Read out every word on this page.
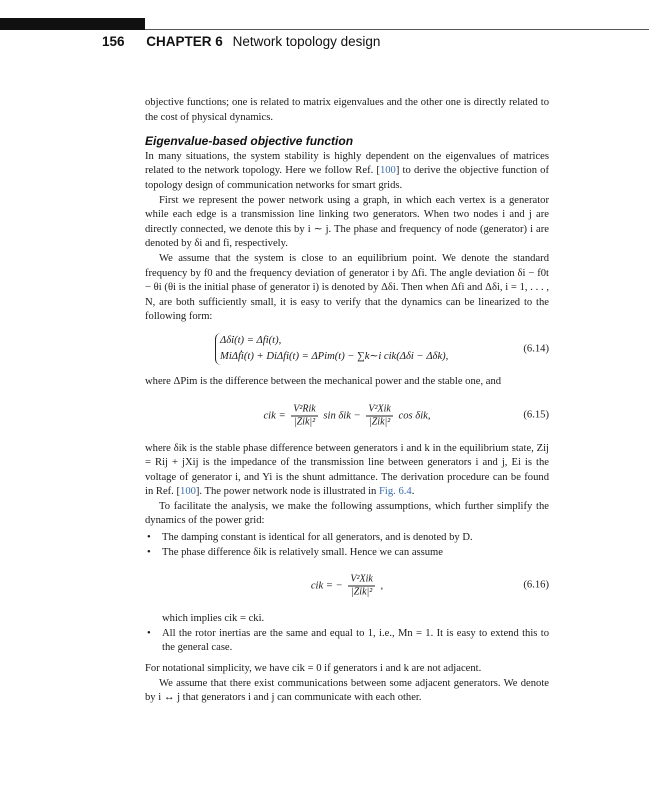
156 CHAPTER 6 Network topology design

objective functions; one is related to matrix eigenvalues and the other one is directly related to the cost of physical dynamics.

Eigenvalue-based objective function

In many situations, the system stability is highly dependent on the eigenvalues of matrices related to the network topology. Here we follow Ref. [100] to derive the objective function of topology design of communication networks for smart grids.

First we represent the power network using a graph, in which each vertex is a generator while each edge is a transmission line linking two generators. When two nodes i and j are directly connected, we denote this by i ∼ j. The phase and frequency of node (generator) i are denoted by δi and fi, respectively.

We assume that the system is close to an equilibrium point. We denote the standard frequency by f0 and the frequency deviation of generator i by Δfi. The angle deviation δi − f0t − θi (θi is the initial phase of generator i) is denoted by Δδi. Then when Δfi and Δδi, i = 1, . . . , N, are both sufficiently small, it is easy to verify that the dynamics can be linearized to the following form:

Δδ̇i(t) = Δfi(t),
MiΔḟi(t) + DiΔfi(t) = ΔPim(t) − ∑k∼i cik(Δδi − Δδk),
(6.14)

where ΔPim is the difference between the mechanical power and the stable one, and

cik = $\frac{\text{V²Rik}}{\text{|Zik|²}}$ $\sin \delta ik - \frac{\text{V²Xik}}{\text{|Zik|²}}$ cos δik,	(6.15)

where δik is the stable phase difference between generators i and k in the equilibrium state, Zij = Rij + jXij is the impedance of the transmission line between generators i and j, Ei is the voltage of generator i, and Yi is the shunt admittance. The derivation procedure can be found in Ref. [100]. The power network node is illustrated in Fig. 6.4.

To facilitate the analysis, we make the following assumptions, which further simplify the dynamics of the power grid:

• The damping constant is identical for all generators, and is denoted by D.
• The phase difference δik is relatively small. Hence we can assume
cik = − $\frac{\text{V²Xik}}{\text{|Zik|²}}$ ,	(6.16)

which implies cik = cki.

• All the rotor inertias are the same and equal to 1, i.e., Mn = 1. It is easy to extend this to the general case.

For notational simplicity, we have cik = 0 if generators i and k are not adjacent.

We assume that there exist communications between some adjacent generators. We denote by i ↔ j that generators i and j can communicate with each other.
